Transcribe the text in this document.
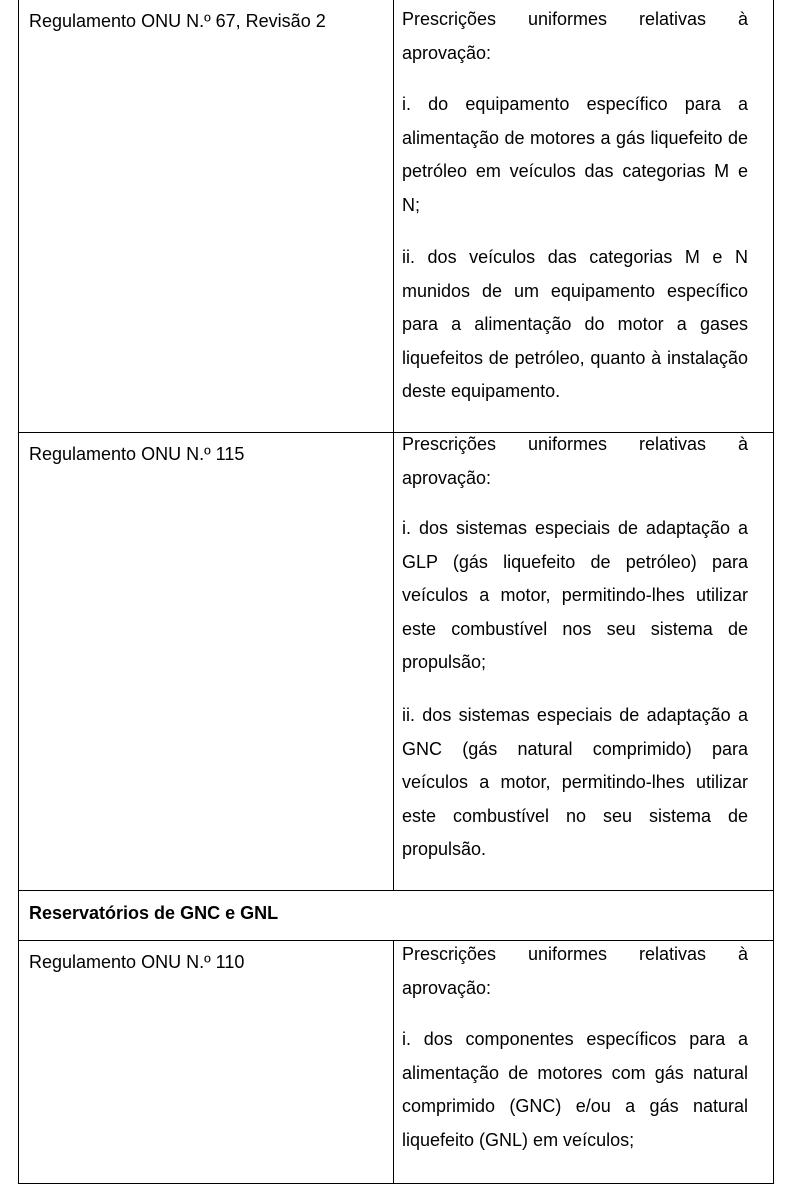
Regulamento ONU N.º 67, Revisão 2	Prescrições uniformes relativas à aprovação:
i. do equipamento específico para a alimentação de motores a gás liquefeito de petróleo em veículos das categorias M e N;
ii. dos veículos das categorias M e N munidos de um equipamento específico para a alimentação do motor a gases liquefeitos de petróleo, quanto à instalação deste equipamento.
Regulamento ONU N.º 115	Prescrições uniformes relativas à aprovação:
i. dos sistemas especiais de adaptação a GLP (gás liquefeito de petróleo) para veículos a motor, permitindo-lhes utilizar este combustível nos seu sistema de propulsão;
ii. dos sistemas especiais de adaptação a GNC (gás natural comprimido) para veículos a motor, permitindo-lhes utilizar este combustível no seu sistema de propulsão.
Reservatórios de GNC e GNL
Regulamento ONU N.º 110	Prescrições uniformes relativas à aprovação:
i. dos componentes específicos para a alimentação de motores com gás natural comprimido (GNC) e/ou a gás natural liquefeito (GNL) em veículos;
